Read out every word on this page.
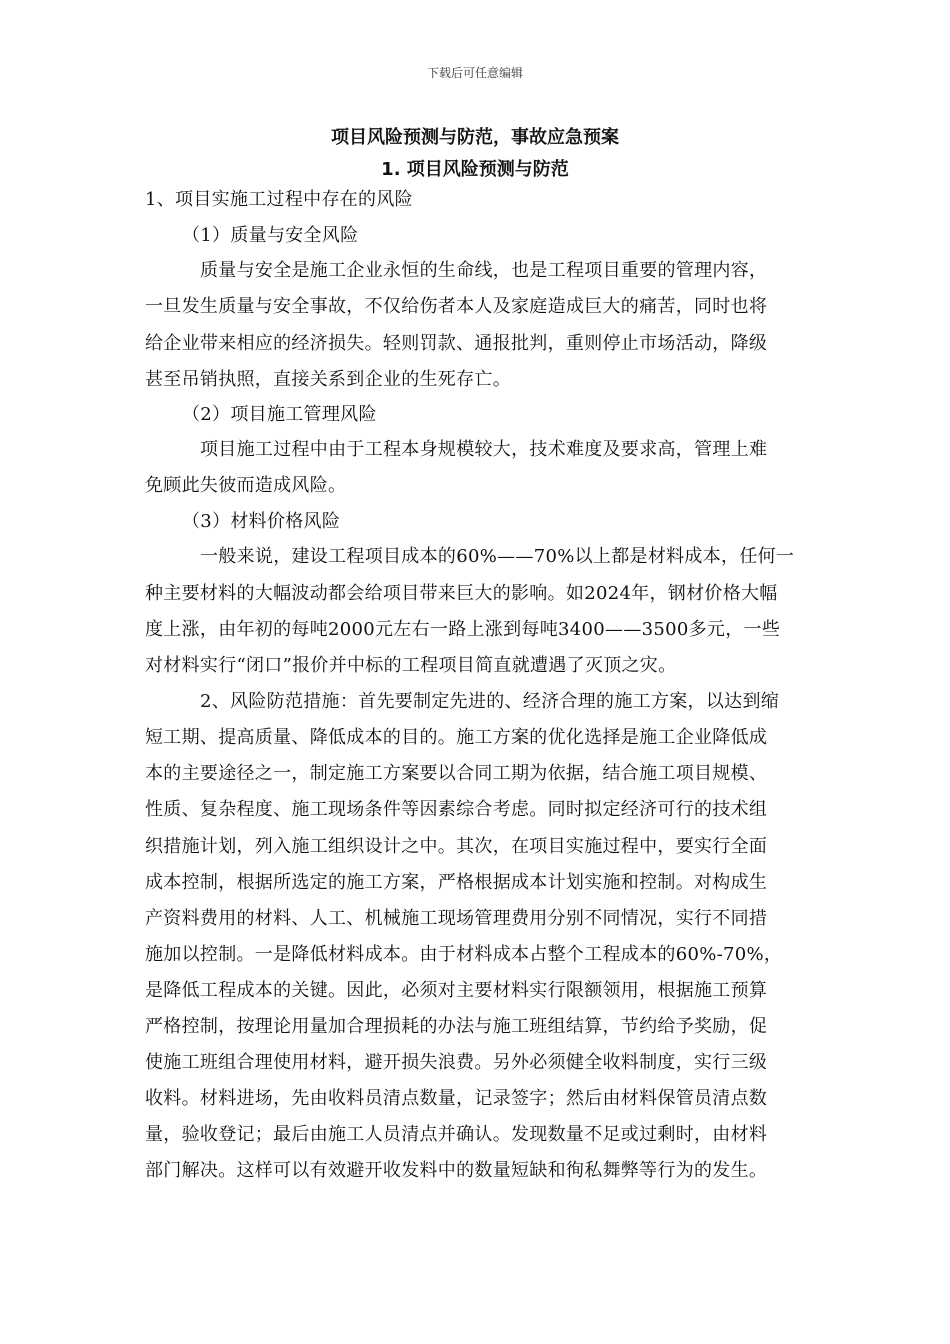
下载后可任意编辑
项目风险预测与防范，事故应急预案
1. 项目风险预测与防范
1、项目实施工过程中存在的风险
（1）质量与安全风险
质量与安全是施工企业永恒的生命线，也是工程项目重要的管理内容，
一旦发生质量与安全事故，不仅给伤者本人及家庭造成巨大的痛苦，同时也将
给企业带来相应的经济损失。轻则罚款、通报批判，重则停止市场活动，降级
甚至吊销执照，直接关系到企业的生死存亡。
（2）项目施工管理风险
项目施工过程中由于工程本身规模较大，技术难度及要求高，管理上难
免顾此失彼而造成风险。
（3）材料价格风险
一般来说，建设工程项目成本的60%——70%以上都是材料成本，任何一
种主要材料的大幅波动都会给项目带来巨大的影响。如2024年，钢材价格大幅
度上涨，由年初的每吨2000元左右一路上涨到每吨3400——3500多元，一些
对材料实行“闭口”报价并中标的工程项目简直就遭遇了灭顶之灾。
2、风险防范措施：首先要制定先进的、经济合理的施工方案，以达到缩
短工期、提高质量、降低成本的目的。施工方案的优化选择是施工企业降低成
本的主要途径之一，制定施工方案要以合同工期为依据，结合施工项目规模、
性质、复杂程度、施工现场条件等因素综合考虑。同时拟定经济可行的技术组
织措施计划，列入施工组织设计之中。其次，在项目实施过程中，要实行全面
成本控制，根据所选定的施工方案，严格根据成本计划实施和控制。对构成生
产资料费用的材料、人工、机械施工现场管理费用分别不同情况，实行不同措
施加以控制。一是降低材料成本。由于材料成本占整个工程成本的60%-70%，
是降低工程成本的关键。因此，必须对主要材料实行限额领用，根据施工预算
严格控制，按理论用量加合理损耗的办法与施工班组结算，节约给予奖励，促
使施工班组合理使用材料，避开损失浪费。另外必须健全收料制度，实行三级
收料。材料进场，先由收料员清点数量，记录签字；然后由材料保管员清点数
量，验收登记；最后由施工人员清点并确认。发现数量不足或过剩时，由材料
部门解决。这样可以有效避开收发料中的数量短缺和徇私舞弊等行为的发生。
